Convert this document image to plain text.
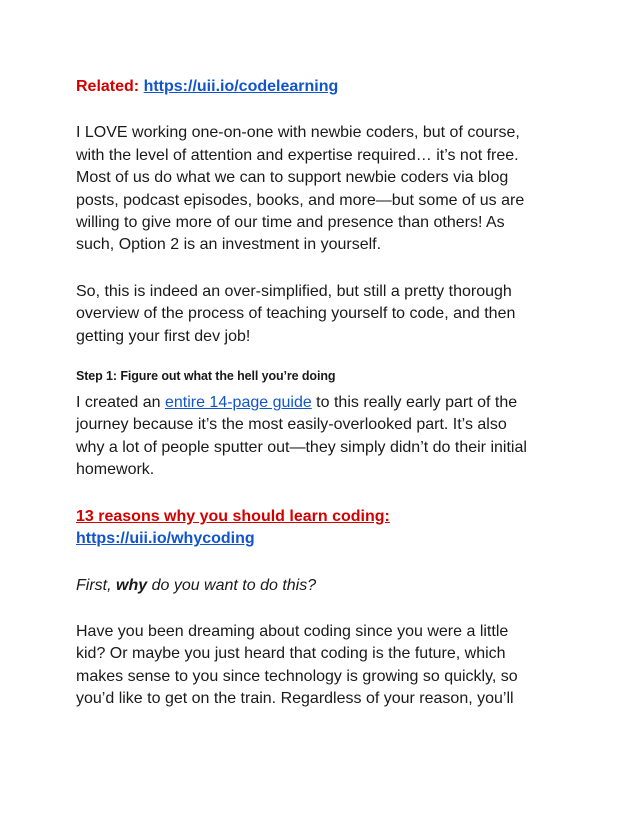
Related: https://uii.io/codelearning

I LOVE working one-on-one with newbie coders, but of course,
with the level of attention and expertise required… it’s not free.
Most of us do what we can to support newbie coders via blog
posts, podcast episodes, books, and more—but some of us are
willing to give more of our time and presence than others! As
such, Option 2 is an investment in yourself.

So, this is indeed an over-simplified, but still a pretty thorough
overview of the process of teaching yourself to code, and then
getting your first dev job!

Step 1: Figure out what the hell you’re doing

I created an entire 14-page guide to this really early part of the
journey because it’s the most easily-overlooked part. It’s also
why a lot of people sputter out—they simply didn’t do their initial
homework.

13 reasons why you should learn coding:
https://uii.io/whycoding

First, why do you want to do this?

Have you been dreaming about coding since you were a little
kid? Or maybe you just heard that coding is the future, which
makes sense to you since technology is growing so quickly, so
you’d like to get on the train. Regardless of your reason, you’ll
